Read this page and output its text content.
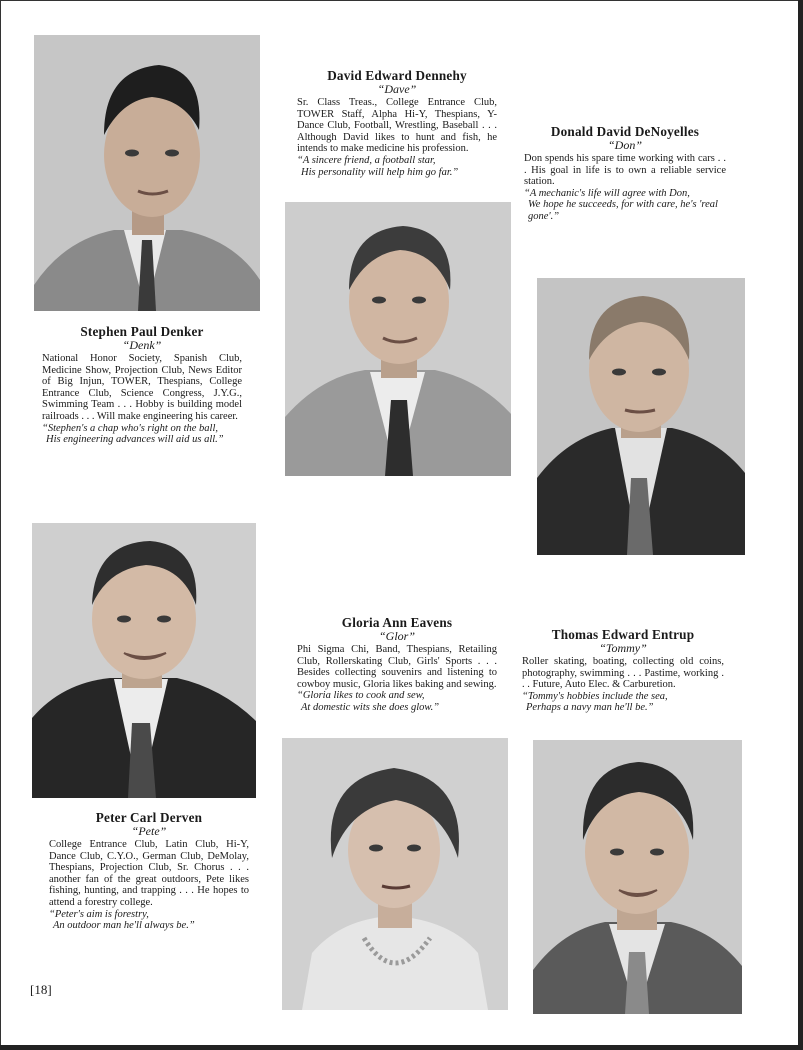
Stephen Paul Denker
“Denk”
National Honor Society, Spanish Club, Medicine Show, Projection Club, News Editor of Big Injun, TOWER, Thespians, College Entrance Club, Science Congress, J.Y.G., Swimming Team . . . Hobby is building model railroads . . . Will make engineering his career.
“Stephen's a chap who's right on the ball,
His engineering advances will aid us all.”
David Edward Dennehy
“Dave”
Sr. Class Treas., College Entrance Club, TOWER Staff, Alpha Hi-Y, Thespians, Y-Dance Club, Football, Wrestling, Baseball . . . Although David likes to hunt and fish, he intends to make medicine his profession.
“A sincere friend, a football star,
His personality will help him go far.”
Donald David DeNoyelles
“Don”
Don spends his spare time working with cars . . . His goal in life is to own a reliable service station.
“A mechanic's life will agree with Don,
We hope he succeeds, for with care, he's 'real gone'.”
Peter Carl Derven
“Pete”
College Entrance Club, Latin Club, Hi-Y, Dance Club, C.Y.O., German Club, DeMolay, Thespians, Projection Club, Sr. Chorus . . . another fan of the great outdoors, Pete likes fishing, hunting, and trapping . . . He hopes to attend a forestry college.
“Peter's aim is forestry,
An outdoor man he'll always be.”
Gloria Ann Eavens
“Glor”
Phi Sigma Chi, Band, Thespians, Retailing Club, Rollerskating Club, Girls' Sports . . . Besides collecting souvenirs and listening to cowboy music, Gloria likes baking and sewing.
“Gloria likes to cook and sew,
At domestic wits she does glow.”
Thomas Edward Entrup
“Tommy”
Roller skating, boating, collecting old coins, photography, swimming . . . Pastime, working . . . Future, Auto Elec. & Carburetion.
“Tommy's hobbies include the sea,
Perhaps a navy man he'll be.”
[18]
